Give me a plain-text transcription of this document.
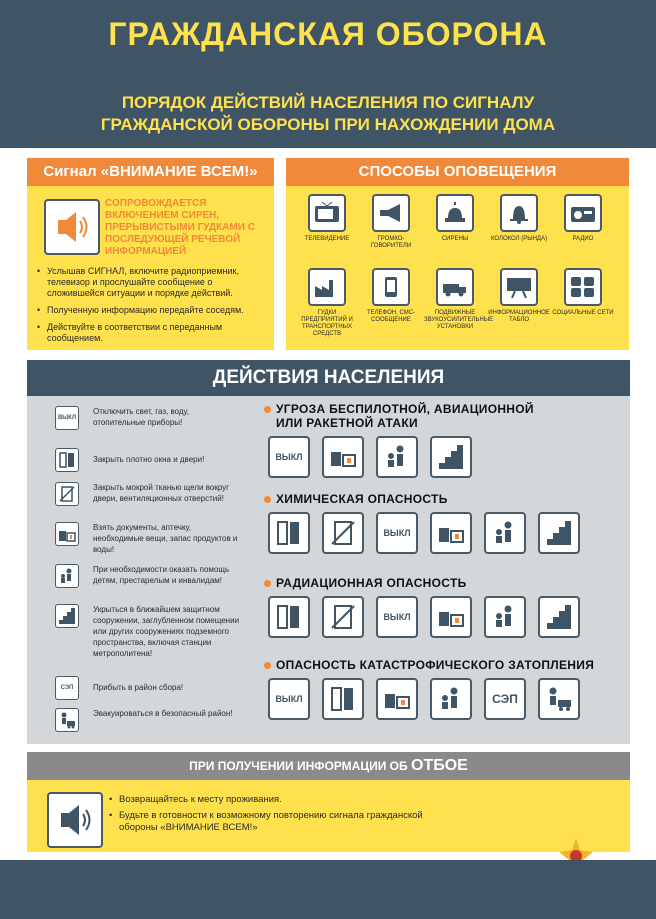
ГРАЖДАНСКАЯ ОБОРОНА
ПОРЯДОК ДЕЙСТВИЙ НАСЕЛЕНИЯ ПО СИГНАЛУ
ГРАЖДАНСКОЙ ОБОРОНЫ ПРИ НАХОЖДЕНИИ ДОМА
Сигнал «ВНИМАНИЕ ВСЕМ!»
СОПРОВОЖДАЕТСЯ ВКЛЮЧЕНИЕМ СИРЕН, ПРЕРЫВИСТЫМИ ГУДКАМИ С ПОСЛЕДУЮЩЕЙ РЕЧЕВОЙ ИНФОРМАЦИЕЙ
• Услышав СИГНАЛ, включите радиоприемник, телевизор и прослушайте сообщение о сложившейся ситуации и порядке действий.
• Полученную информацию передайте соседям.
• Действуйте в соответствии с переданным сообщением.
СПОСОБЫ ОПОВЕЩЕНИЯ
ТЕЛЕВИДЕНИЕ	ГРОМКО-ГОВОРИТЕЛИ
СИРЕНЫ	КОЛОКОЛ (РЫНДА)	РАДИО
ГУДКИ ПРЕДПРИЯТИЙ И ТРАНСПОРТНЫХ СРЕДСТВ
ТЕЛЕФОН, СМС-СООБЩЕНИЕ
ПОДВИЖНЫЕ ЗВУКОУСИЛИТЕЛЬНЫЕ УСТАНОВКИ
ИНФОРМАЦИОННОЕ ТАБЛО
СОЦИАЛЬНЫЕ СЕТИ
ДЕЙСТВИЯ НАСЕЛЕНИЯ
ВЫКЛ
Отключить свет, газ, воду, отопительные приборы!
Закрыть плотно окна и двери!
Закрыть мокрой тканью щели вокруг двери, вентиляционных отверстий!
Взять документы, аптечку, необходимые вещи, запас продуктов и воды!
При необходимости оказать помощь детям, престарелым и инвалидам!
Укрыться в ближайшем защитном сооружении, заглубленном помещении или других сооружениях подземного пространства, включая станции метрополитена!
СЭП	Прибыть в район сбора!
Эвакуироваться в безопасный район!
УГРОЗА БЕСПИЛОТНОЙ, АВИАЦИОННОЙ
ИЛИ РАКЕТНОЙ АТАКИ
ВЫКЛ
ХИМИЧЕСКАЯ ОПАСНОСТЬ
ВЫКЛ
РАДИАЦИОННАЯ ОПАСНОСТЬ
ВЫКЛ
ОПАСНОСТЬ КАТАСТРОФИЧЕСКОГО ЗАТОПЛЕНИЯ
ВЫКЛ	СЭП
ПРИ ПОЛУЧЕНИИ ИНФОРМАЦИИ ОБ ОТБОЕ
• Возвращайтесь к месту проживания.
• Будьте в готовности к возможному повторению сигнала гражданской обороны «ВНИМАНИЕ ВСЕМ!»
